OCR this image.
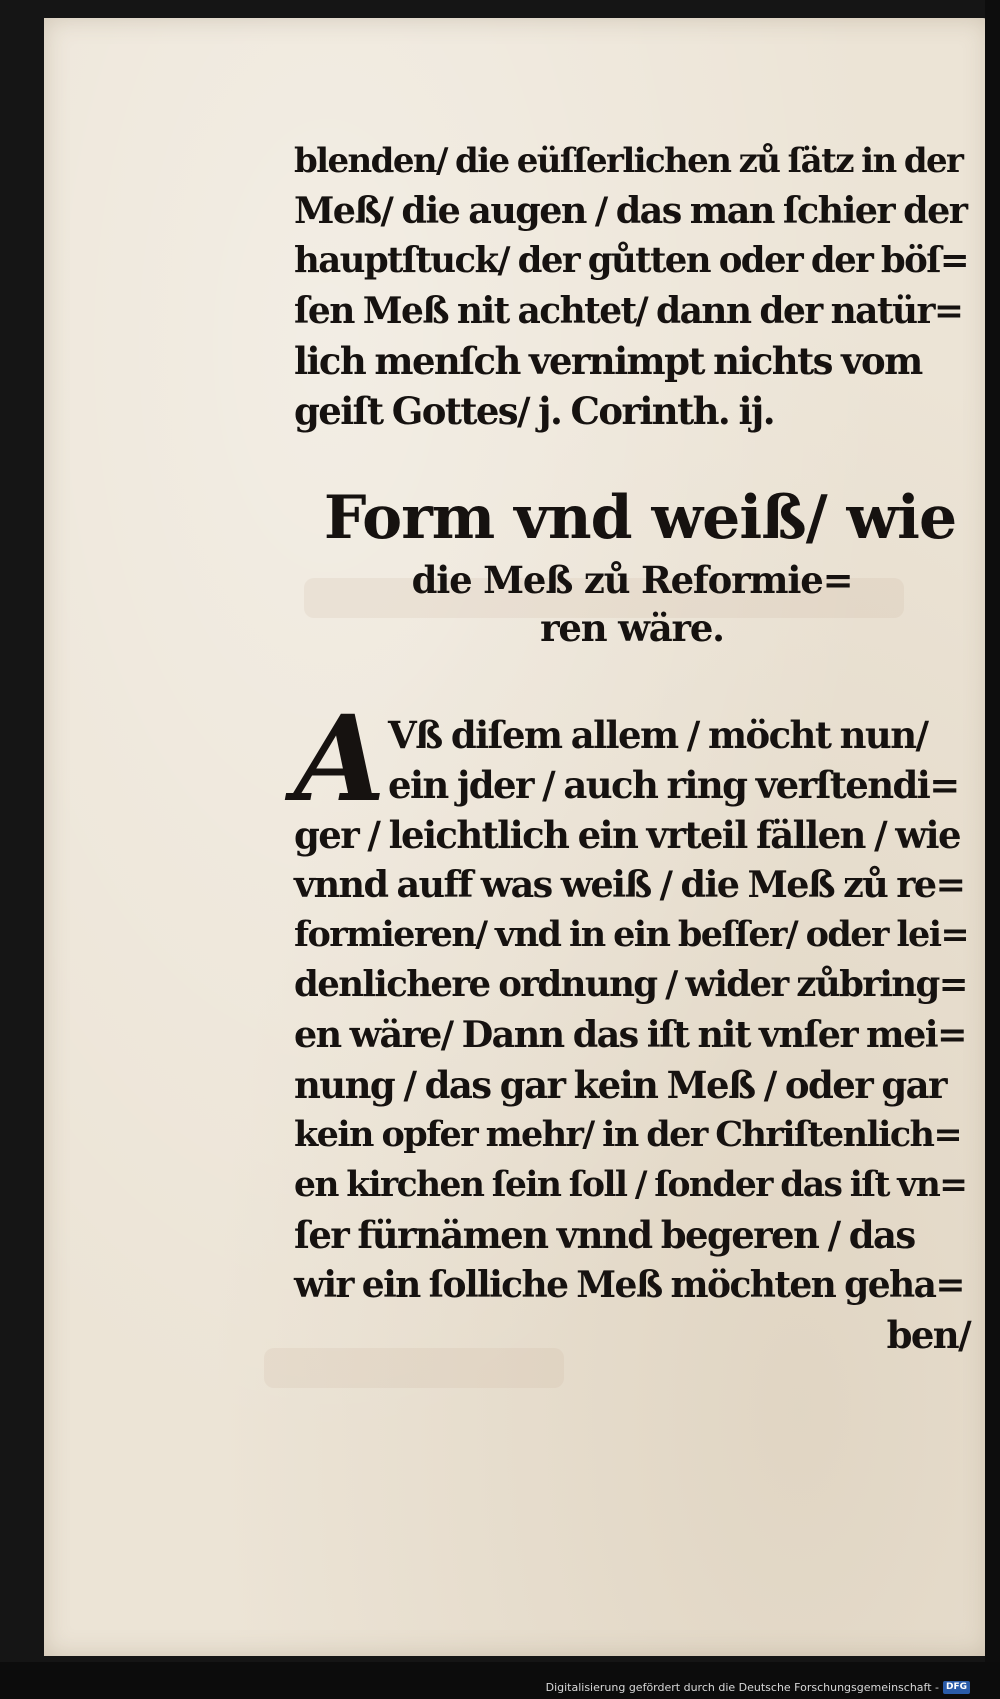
blenden/ die eüſſerlichen zů ſätz in der
Meß/ die augen / das man ſchier der
hauptſtuck/ der gůtten oder der böſ=
ſen Meß nit achtet/ dann der natür=
lich menſch vernimpt nichts vom
geiſt Gottes/ j. Corinth. ij.
Form vnd weiß/ wie
die Meß zů Reformie=
ren wäre.
A Vß diſem allem / möcht nun/
ein jder / auch ring verſtendi=
ger / leichtlich ein vrteil fällen / wie
vnnd auff was weiß / die Meß zů re=
formieren/ vnd in ein beſſer/ oder lei=
denlichere ordnung / wider zůbring=
en wäre/ Dann das iſt nit vnſer mei=
nung / das gar kein Meß / oder gar
kein opfer mehr/ in der Chriſtenlich=
en kirchen ſein ſoll / ſonder das iſt vn=
ſer fürnämen vnnd begeren / das
wir ein ſolliche Meß möchten geha=
ben/
Digitalisierung gefördert durch die Deutsche Forschungsgemeinschaft - DFG
